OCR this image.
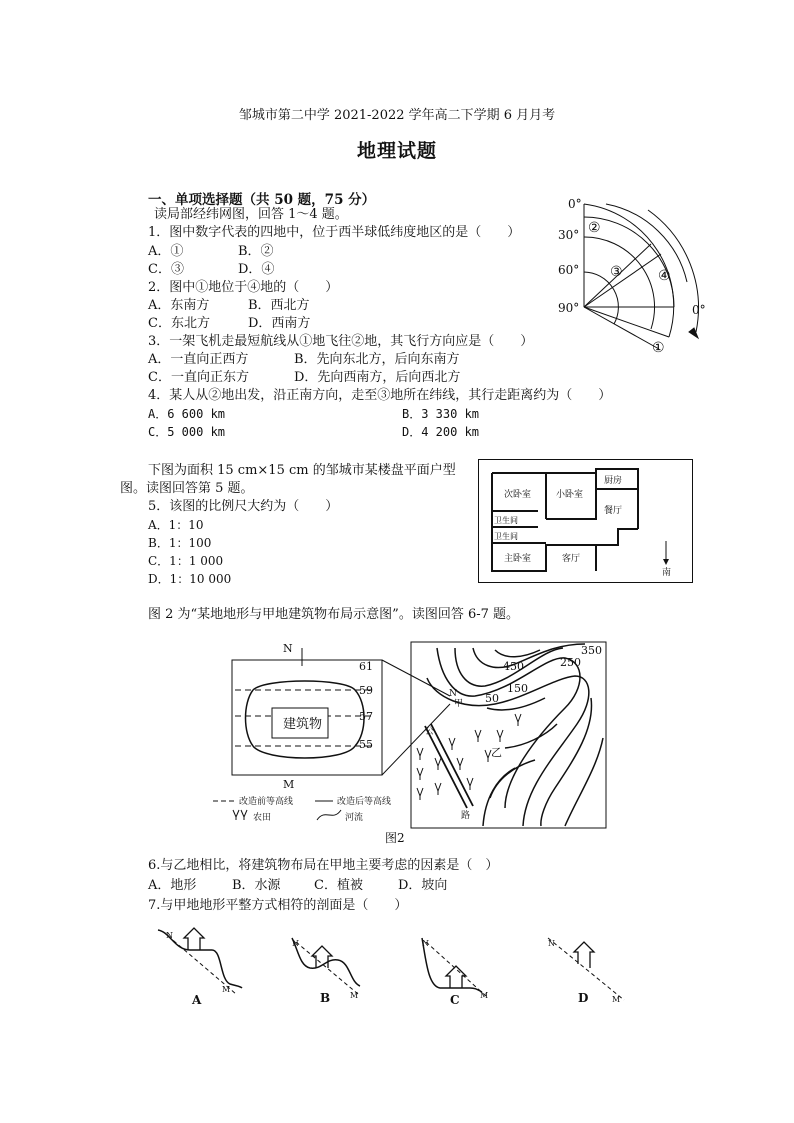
邹城市第二中学 2021-2022 学年高二下学期 6 月月考
地理试题
一、单项选择题（共 50 题，75 分）
读局部经纬网图，回答 1～4 题。
1．图中数字代表的四地中，位于西半球低纬度地区的是（　　）
A．①	B．②
C．③	D．④
2．图中①地位于④地的（　　）
A．东南方	B．西北方
C．东北方	D．西南方
3．一架飞机走最短航线从①地飞往②地，其飞行方向应是（　　）
A．一直向正西方	B．先向东北方，后向东南方
C．一直向正东方	D．先向西南方，后向西北方
4．某人从②地出发，沿正南方向，走至③地所在纬线，其行走距离约为（　　）
A．6 600 km	B．3 330 km
C．5 000 km	D．4 200 km
0°
30°
60°
90°	0°
②
③	④
①
下图为面积 15 cm×15 cm 的邹城市某楼盘平面户型
图。读图回答第 5 题。
5．该图的比例尺大约为（　　）
A．1：10
B．1：100
C．1：1 000
D．1：10 000
次卧室	小卧室
厨房
餐厅
卫生间
卫生间
主卧室	客厅
南
图 2 为“某地地形与甲地建筑物布局示意图”。读图回答 6-7 题。
N
M
建筑物
61
59
57
55
350
450	250
150
50
N
甲
公
路
乙
改造前等高线	改造后等高线
农田	河流
图2
6.与乙地相比，将建筑物布局在甲地主要考虑的因素是（　）
A．地形	B．水源	C．植被	D．坡向
7.与甲地地形平整方式相符的剖面是（　　）
N
M
N
M
N
M
N
M
A	B	C	D
